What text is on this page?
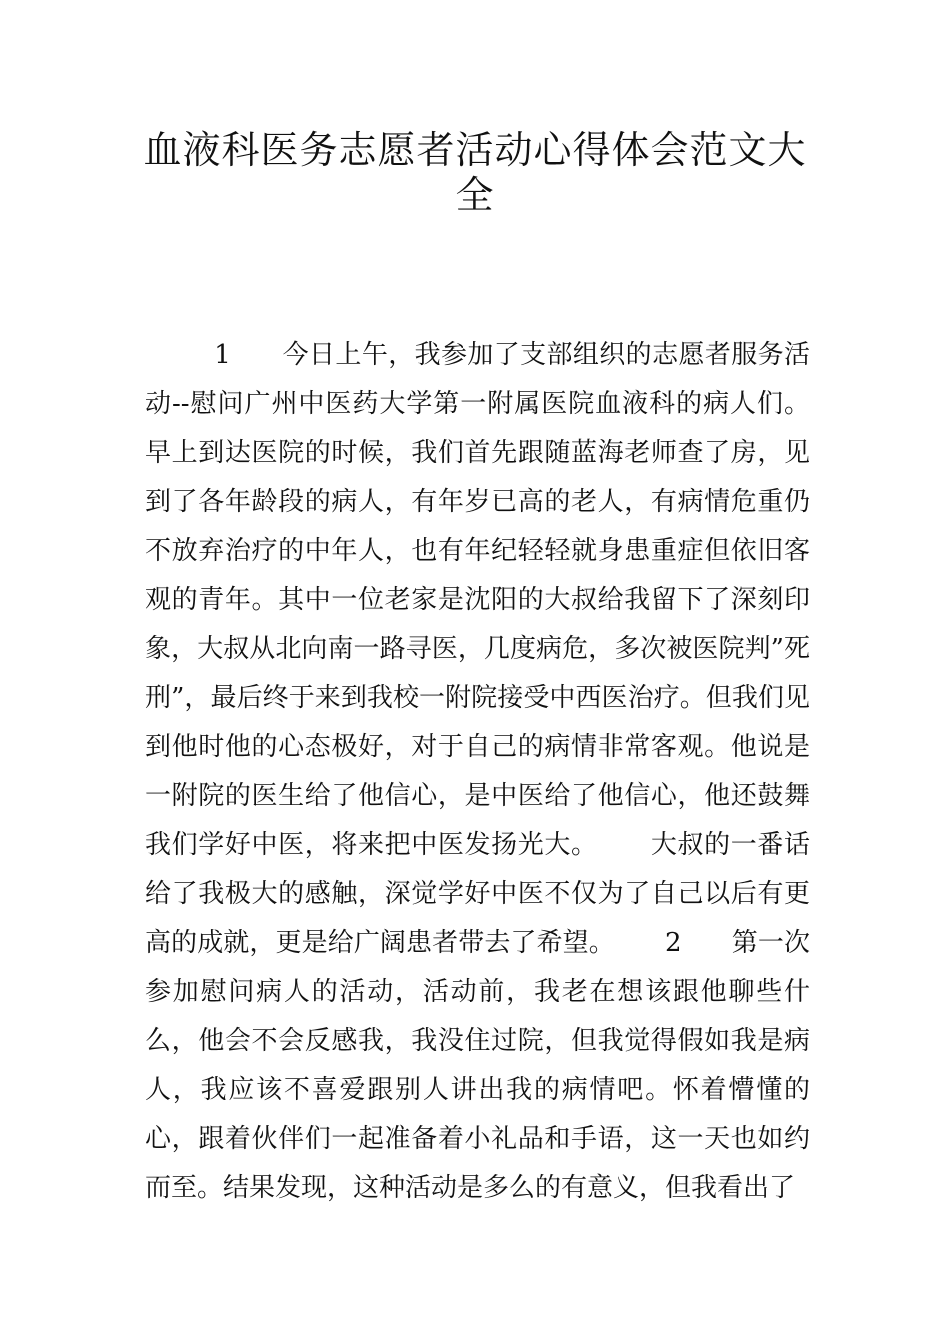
血液科医务志愿者活动心得体会范文大全

1      今日上午，我参加了支部组织的志愿者服务活动--慰问广州中医药大学第一附属医院血液科的病人们。早上到达医院的时候，我们首先跟随蓝海老师查了房，见到了各年龄段的病人，有年岁已高的老人，有病情危重仍不放弃治疗的中年人，也有年纪轻轻就身患重症但依旧客观的青年。其中一位老家是沈阳的大叔给我留下了深刻印象，大叔从北向南一路寻医，几度病危，多次被医院判”死刑”，最后终于来到我校一附院接受中西医治疗。但我们见到他时他的心态极好，对于自己的病情非常客观。他说是一附院的医生给了他信心，是中医给了他信心，他还鼓舞我们学好中医，将来把中医发扬光大。      大叔的一番话给了我极大的感触，深觉学好中医不仅为了自己以后有更高的成就，更是给广阔患者带去了希望。      2      第一次参加慰问病人的活动，活动前，我老在想该跟他聊些什么，他会不会反感我，我没住过院，但我觉得假如我是病人，我应该不喜爱跟别人讲出我的病情吧。怀着懵懂的心，跟着伙伴们一起准备着小礼品和手语，这一天也如约而至。结果发现，这种活动是多么的有意义，但我看出了
